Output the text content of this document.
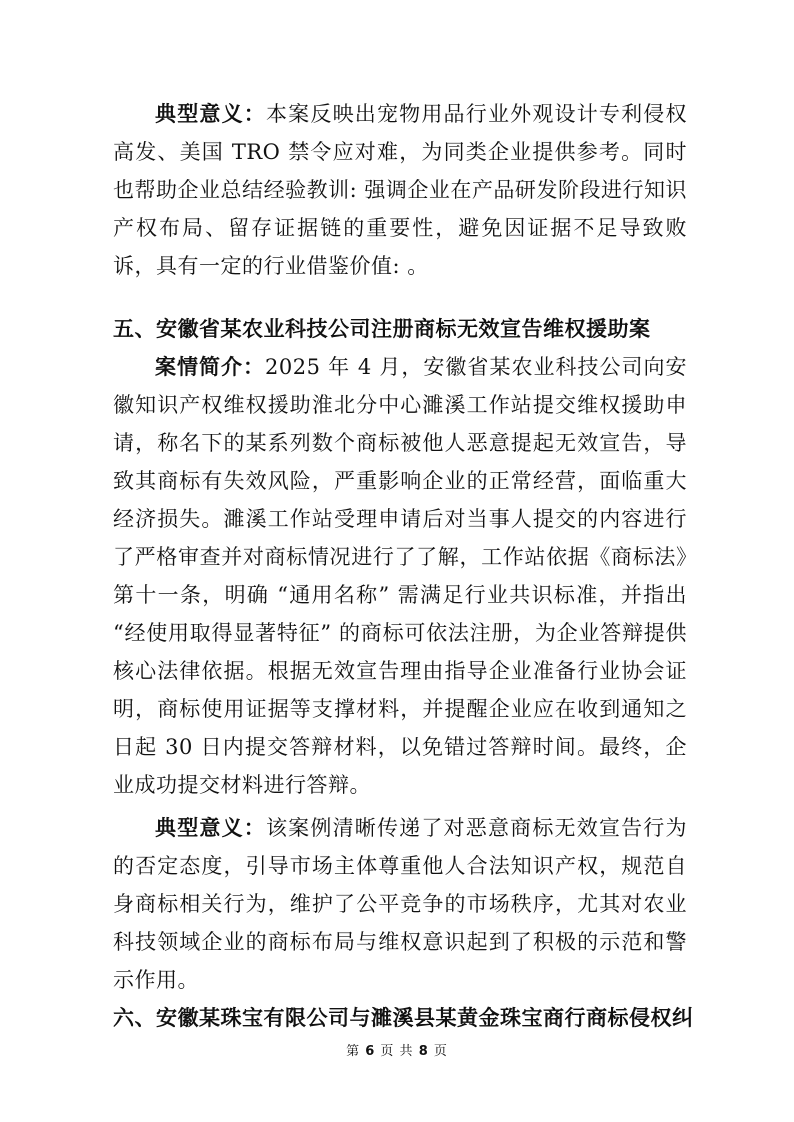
典型意义：本案反映出宠物用品行业外观设计专利侵权高发、美国 TRO 禁令应对难，为同类企业提供参考。同时也帮助企业总结经验教训: 强调企业在产品研发阶段进行知识产权布局、留存证据链的重要性，避免因证据不足导致败诉，具有一定的行业借鉴价值: 。

五、安徽省某农业科技公司注册商标无效宣告维权援助案

案情简介：2025 年 4 月，安徽省某农业科技公司向安徽知识产权维权援助淮北分中心濉溪工作站提交维权援助申请，称名下的某系列数个商标被他人恶意提起无效宣告，导致其商标有失效风险，严重影响企业的正常经营，面临重大经济损失。濉溪工作站受理申请后对当事人提交的内容进行了严格审查并对商标情况进行了了解，工作站依据《商标法》第十一条，明确 “通用名称” 需满足行业共识标准，并指出 “经使用取得显著特征” 的商标可依法注册，为企业答辩提供核心法律依据。根据无效宣告理由指导企业准备行业协会证明，商标使用证据等支撑材料，并提醒企业应在收到通知之日起 30 日内提交答辩材料，以免错过答辩时间。最终，企业成功提交材料进行答辩。

典型意义：该案例清晰传递了对恶意商标无效宣告行为的否定态度，引导市场主体尊重他人合法知识产权，规范自身商标相关行为，维护了公平竞争的市场秩序，尤其对农业科技领域企业的商标布局与维权意识起到了积极的示范和警示作用。

六、安徽某珠宝有限公司与濉溪县某黄金珠宝商行商标侵权纠

第 6 页 共 8 页
